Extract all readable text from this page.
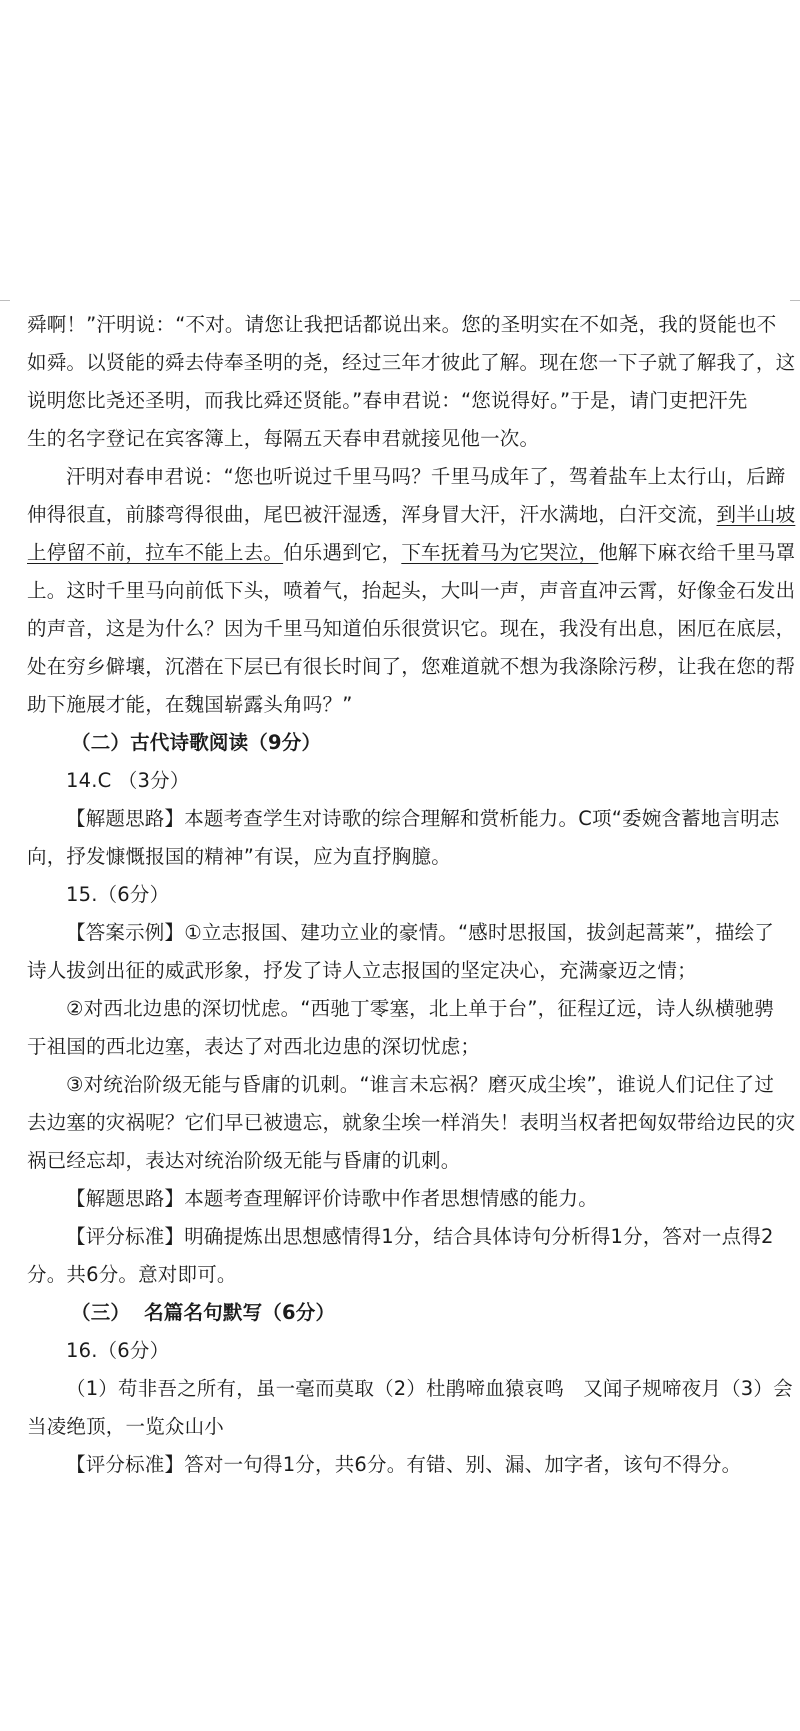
舜啊！”汗明说：“不对。请您让我把话都说出来。您的圣明实在不如尧，我的贤能也不
如舜。以贤能的舜去侍奉圣明的尧，经过三年才彼此了解。现在您一下子就了解我了，这
说明您比尧还圣明，而我比舜还贤能。”春申君说：“您说得好。”于是，请门吏把汗先
生的名字登记在宾客簿上，每隔五天春申君就接见他一次。
汗明对春申君说：“您也听说过千里马吗？千里马成年了，驾着盐车上太行山，后蹄
伸得很直，前膝弯得很曲，尾巴被汗湿透，浑身冒大汗，汗水满地，白汗交流，到半山坡
上停留不前，拉车不能上去。伯乐遇到它，下车抚着马为它哭泣，他解下麻衣给千里马罩
上。这时千里马向前低下头，喷着气，抬起头，大叫一声，声音直冲云霄，好像金石发出
的声音，这是为什么？因为千里马知道伯乐很赏识它。现在，我没有出息，困厄在底层，
处在穷乡僻壤，沉潜在下层已有很长时间了，您难道就不想为我涤除污秽，让我在您的帮
助下施展才能，在魏国崭露头角吗？”
（二）古代诗歌阅读（9分）
14.C （3分）
【解题思路】本题考查学生对诗歌的综合理解和赏析能力。C项“委婉含蓄地言明志
向，抒发慷慨报国的精神”有误，应为直抒胸臆。
15.（6分）
【答案示例】①立志报国、建功立业的豪情。“感时思报国，拔剑起蒿莱”，描绘了
诗人拔剑出征的威武形象，抒发了诗人立志报国的坚定决心，充满豪迈之情；
②对西北边患的深切忧虑。“西驰丁零塞，北上单于台”，征程辽远，诗人纵横驰骋
于祖国的西北边塞，表达了对西北边患的深切忧虑；
③对统治阶级无能与昏庸的讥刺。“谁言未忘祸？磨灭成尘埃”，谁说人们记住了过
去边塞的灾祸呢？它们早已被遗忘，就象尘埃一样消失！表明当权者把匈奴带给边民的灾
祸已经忘却，表达对统治阶级无能与昏庸的讥刺。
【解题思路】本题考查理解评价诗歌中作者思想情感的能力。
【评分标准】明确提炼出思想感情得1分，结合具体诗句分析得1分，答对一点得2
分。共6分。意对即可。
（三）  名篇名句默写（6分）
16.（6分）
（1）苟非吾之所有，虽一毫而莫取（2）杜鹃啼血猿哀鸣   又闻子规啼夜月（3）会
当凌绝顶，一览众山小
【评分标准】答对一句得1分，共6分。有错、别、漏、加字者，该句不得分。
